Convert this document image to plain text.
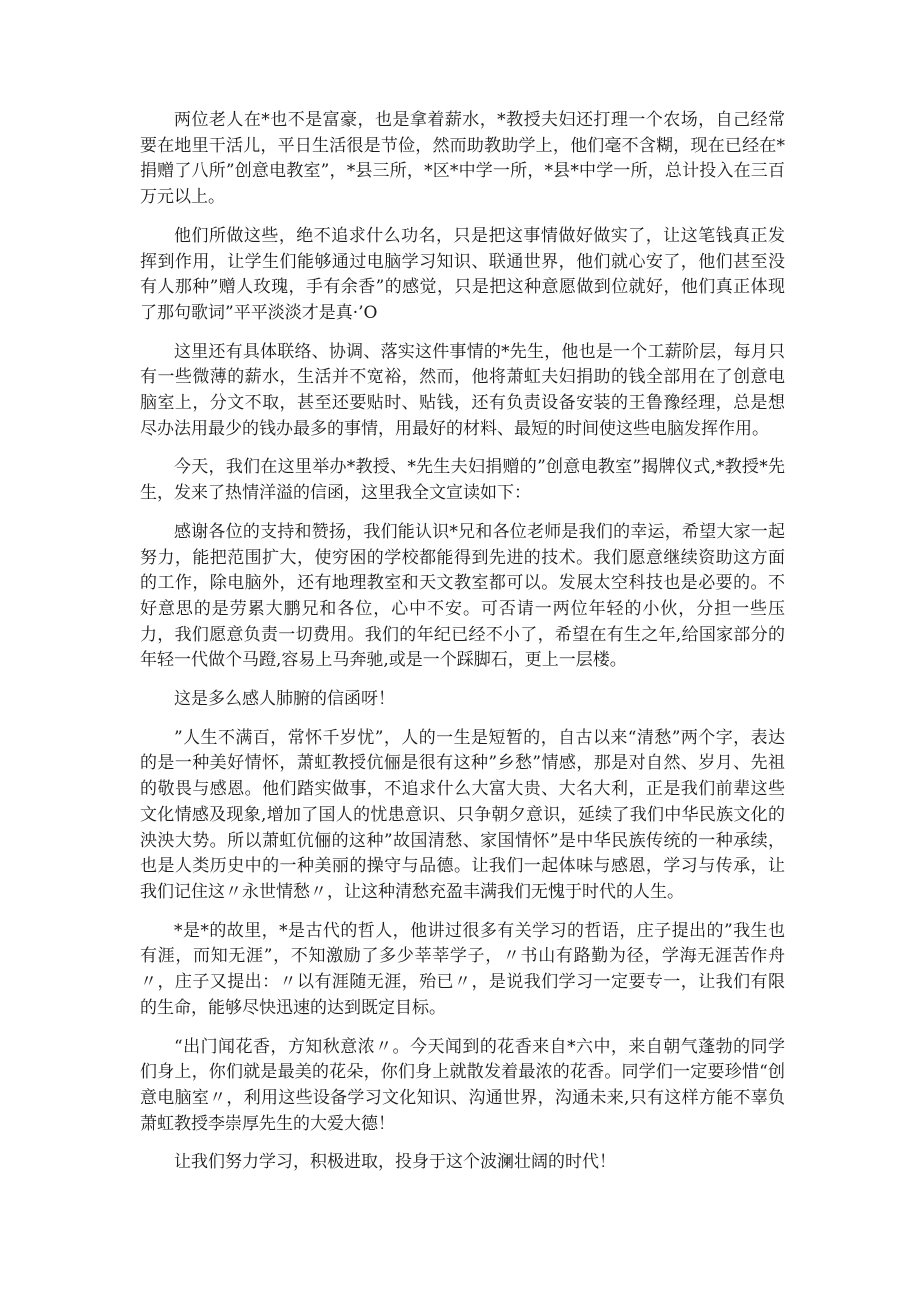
两位老人在*也不是富豪，也是拿着薪水，*教授夫妇还打理一个农场，自己经常要在地里干活儿，平日生活很是节俭，然而助教助学上，他们毫不含糊，现在已经在*捐赠了八所”创意电教室”，*县三所，*区*中学一所，*县*中学一所，总计投入在三百万元以上。

他们所做这些，绝不追求什么功名，只是把这事情做好做实了，让这笔钱真正发挥到作用，让学生们能够通过电脑学习知识、联通世界，他们就心安了，他们甚至没有人那种”赠人玫瑰，手有余香”的感觉，只是把这种意愿做到位就好，他们真正体现了那句歌词”平平淡淡才是真·’O

这里还有具体联络、协调、落实这件事情的*先生，他也是一个工薪阶层，每月只有一些微薄的薪水，生活并不宽裕，然而，他将萧虹夫妇捐助的钱全部用在了创意电脑室上，分文不取，甚至还要贴时、贴钱，还有负责设备安装的王鲁豫经理，总是想尽办法用最少的钱办最多的事情，用最好的材料、最短的时间使这些电脑发挥作用。

今天，我们在这里举办*教授、*先生夫妇捐赠的”创意电教室”揭牌仪式,*教授*先生，发来了热情洋溢的信函，这里我全文宣读如下：

感谢各位的支持和赞扬，我们能认识*兄和各位老师是我们的幸运，希望大家一起努力，能把范围扩大，使穷困的学校都能得到先进的技术。我们愿意继续资助这方面的工作，除电脑外，还有地理教室和天文教室都可以。发展太空科技也是必要的。不好意思的是劳累大鹏兄和各位，心中不安。可否请一两位年轻的小伙，分担一些压力，我们愿意负责一切费用。我们的年纪已经不小了，希望在有生之年,给国家部分的年轻一代做个马蹬,容易上马奔驰,或是一个踩脚石，更上一层楼。

这是多么感人肺腑的信函呀！

”人生不满百，常怀千岁忧”，人的一生是短暂的，自古以来“清愁”两个字，表达的是一种美好情怀，萧虹教授伉俪是很有这种”乡愁”情感，那是对自然、岁月、先祖的敬畏与感恩。他们踏实做事，不追求什么大富大贵、大名大利，正是我们前辈这些文化情感及现象,增加了国人的忧患意识、只争朝夕意识，延续了我们中华民族文化的泱泱大势。所以萧虹伉俪的这种”故国清愁、家国情怀”是中华民族传统的一种承续，也是人类历史中的一种美丽的操守与品德。让我们一起体味与感恩，学习与传承，让我们记住这〃永世情愁〃，让这种清愁充盈丰满我们无愧于时代的人生。

*是*的故里，*是古代的哲人，他讲过很多有关学习的哲语，庄子提出的”我生也有涯，而知无涯”，不知激励了多少莘莘学子，〃书山有路勤为径，学海无涯苦作舟〃，庄子又提出：〃以有涯随无涯，殆已〃，是说我们学习一定要专一，让我们有限的生命，能够尽快迅速的达到既定目标。

“出门闻花香，方知秋意浓〃。今天闻到的花香来自*六中，来自朝气蓬勃的同学们身上，你们就是最美的花朵，你们身上就散发着最浓的花香。同学们一定要珍惜“创意电脑室〃，利用这些设备学习文化知识、沟通世界，沟通未来,只有这样方能不辜负萧虹教授李崇厚先生的大爱大德！

让我们努力学习，积极进取，投身于这个波澜壮阔的时代！
